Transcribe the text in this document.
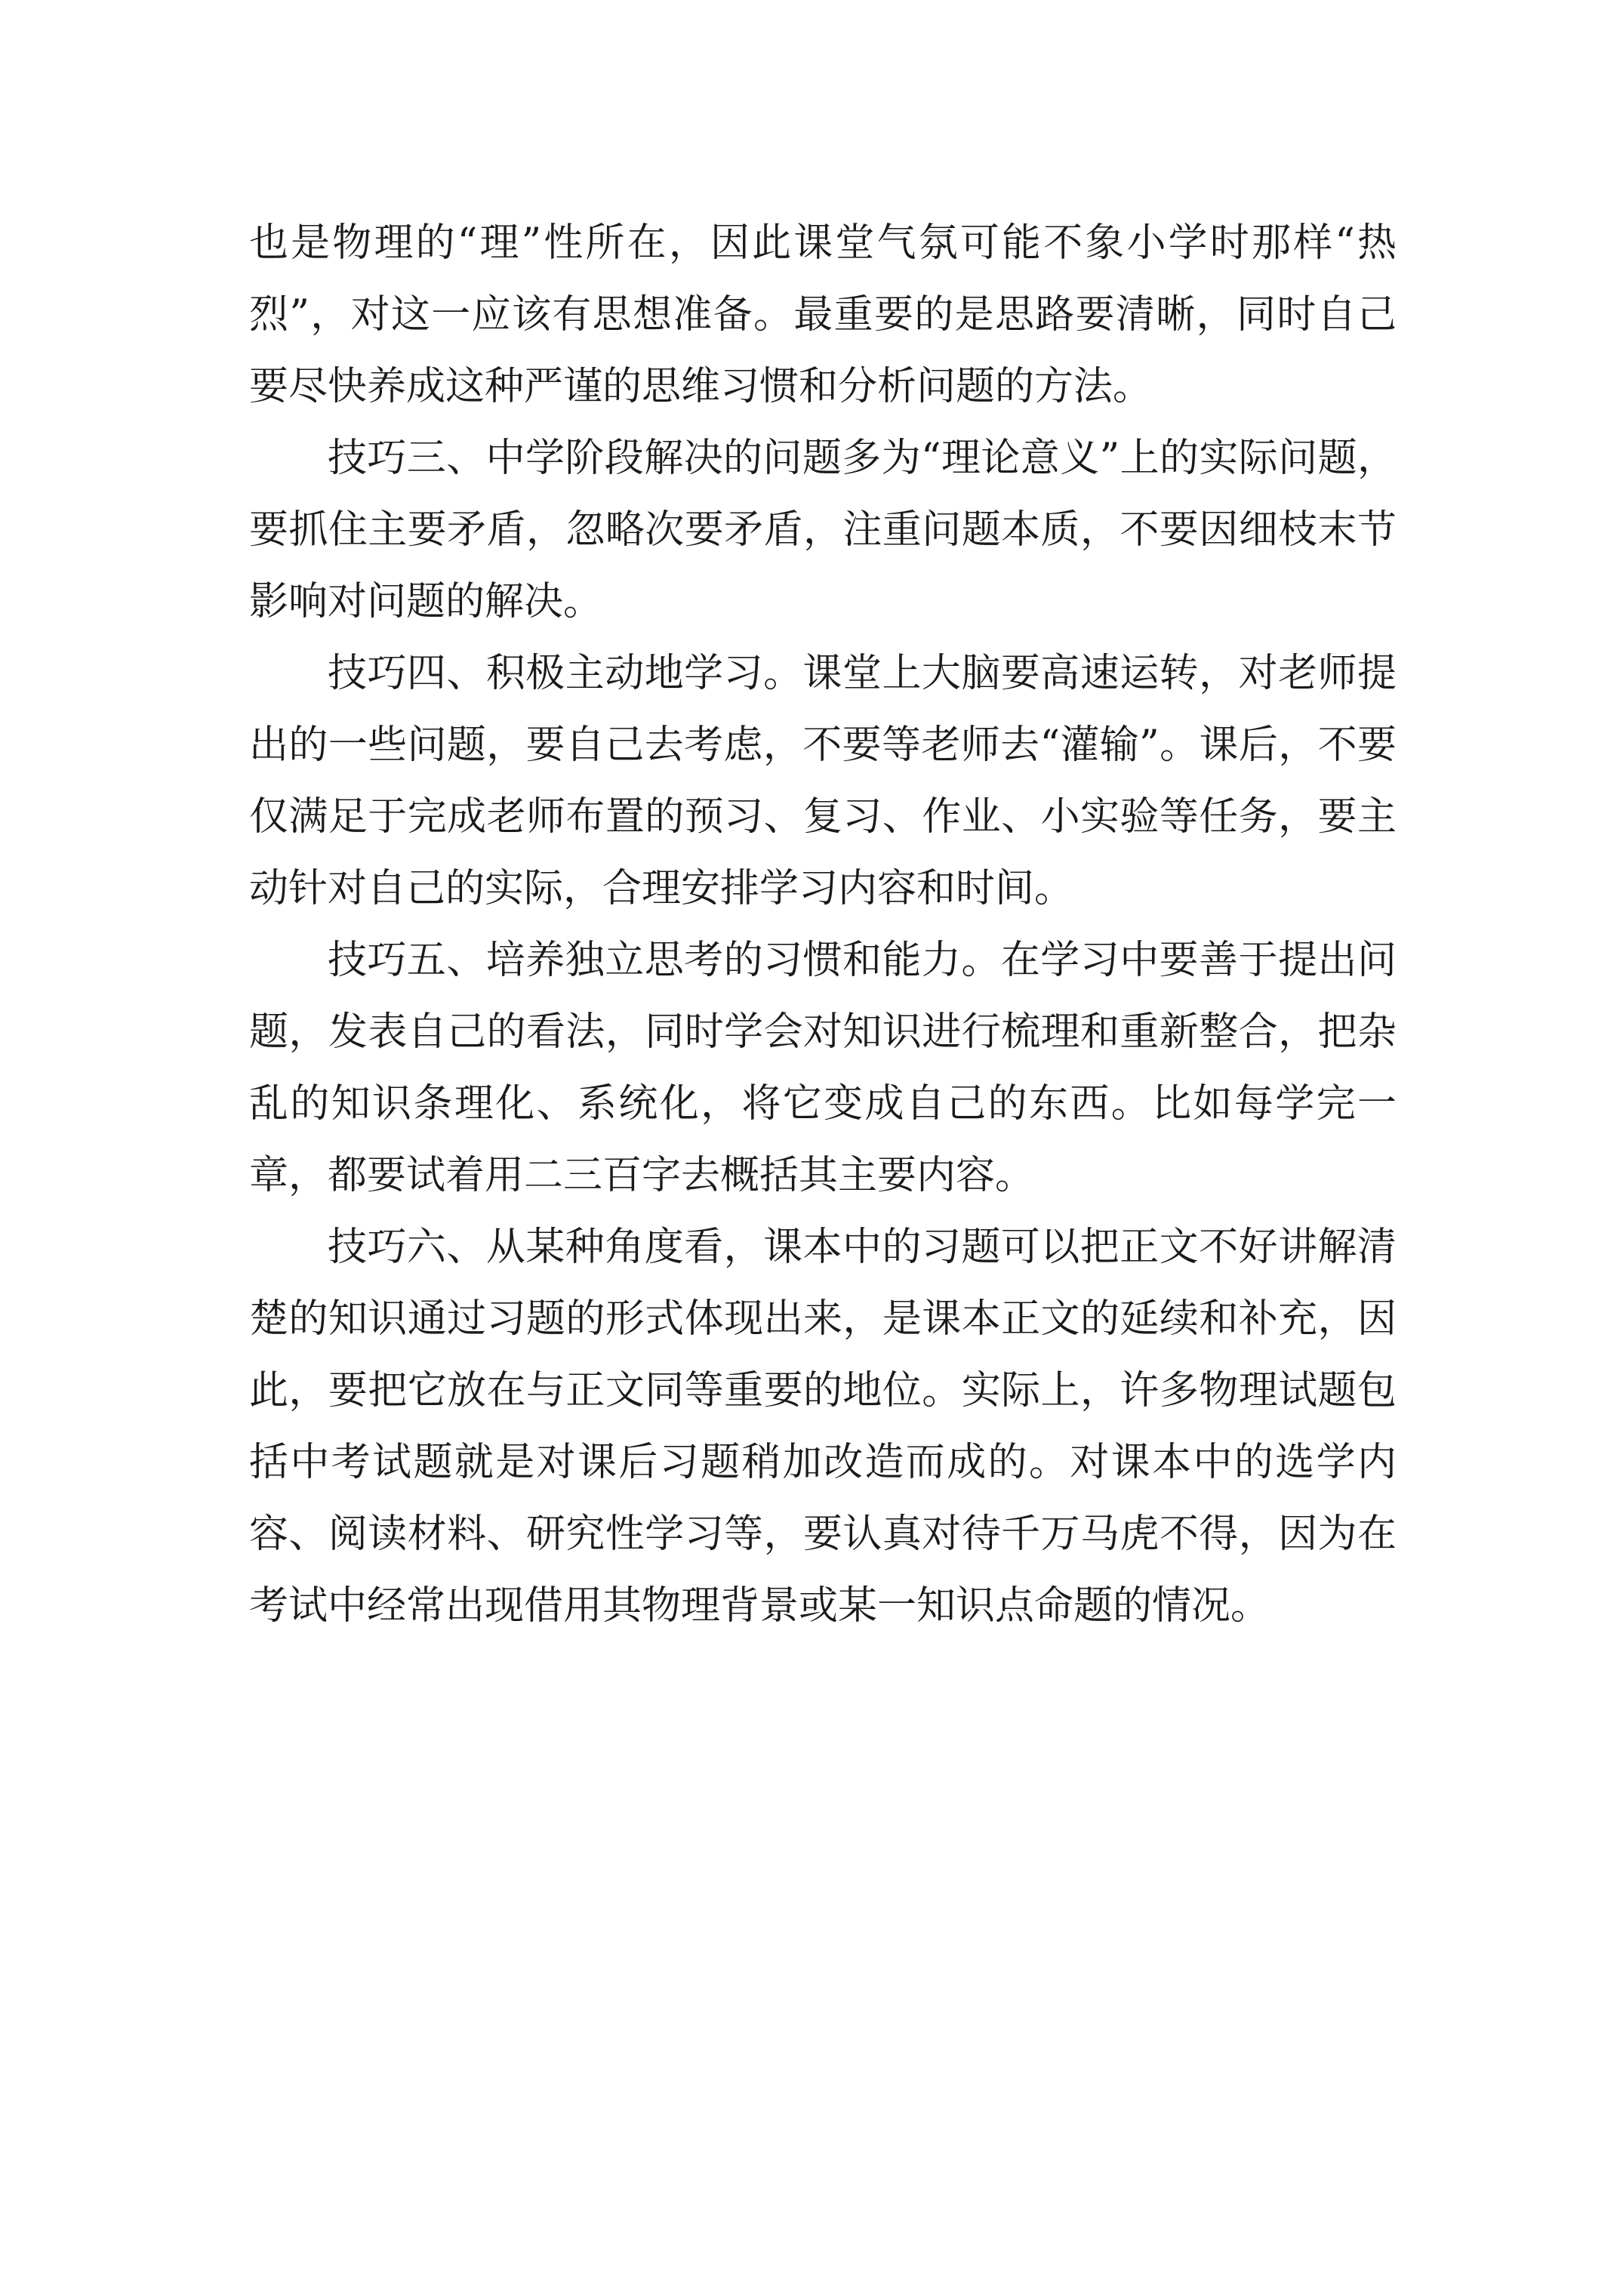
也是物理的“理”性所在，因此课堂气氛可能不象小学时那样“热烈”，对这一应该有思想准备。最重要的是思路要清晰，同时自己要尽快养成这种严谨的思维习惯和分析问题的方法。

技巧三、中学阶段解决的问题多为“理论意义”上的实际问题，要抓住主要矛盾，忽略次要矛盾，注重问题本质，不要因细枝末节影响对问题的解决。

技巧四、积极主动地学习。课堂上大脑要高速运转，对老师提出的一些问题，要自己去考虑，不要等老师去“灌输”。课后，不要仅满足于完成老师布置的预习、复习、作业、小实验等任务，要主动针对自己的实际，合理安排学习内容和时间。

技巧五、培养独立思考的习惯和能力。在学习中要善于提出问题，发表自己的看法，同时学会对知识进行梳理和重新整合，把杂乱的知识条理化、系统化，将它变成自己的东西。比如每学完一章，都要试着用二三百字去概括其主要内容。

技巧六、从某种角度看，课本中的习题可以把正文不好讲解清楚的知识通过习题的形式体现出来，是课本正文的延续和补充，因此，要把它放在与正文同等重要的地位。实际上，许多物理试题包括中考试题就是对课后习题稍加改造而成的。对课本中的选学内容、阅读材料、研究性学习等，要认真对待千万马虎不得，因为在考试中经常出现借用其物理背景或某一知识点命题的情况。
